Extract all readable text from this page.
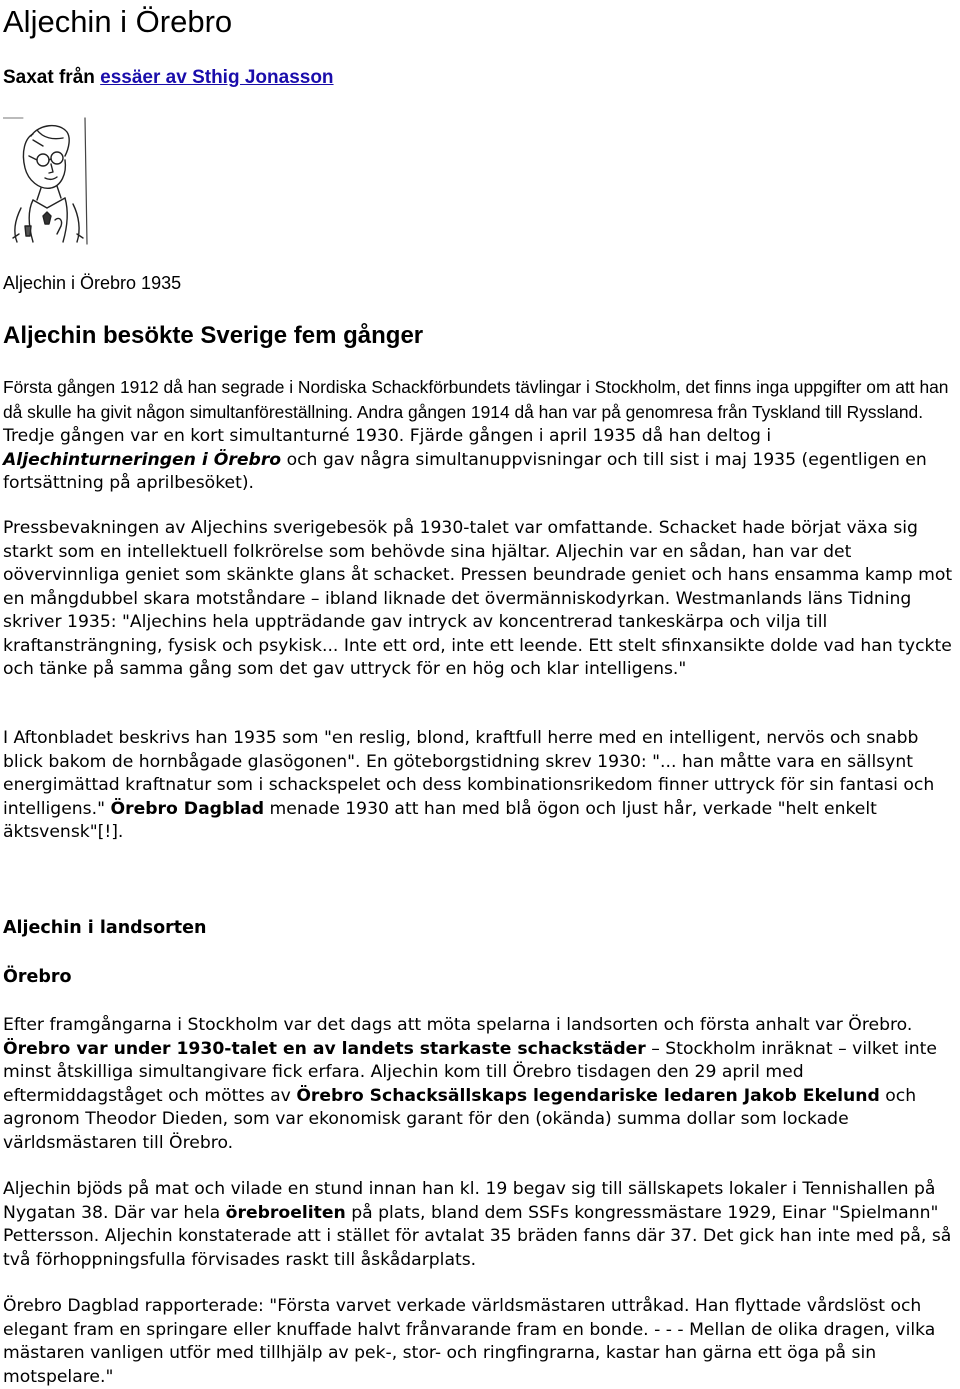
Aljechin i Örebro
Saxat från essäer av Sthig Jonasson
Aljechin i Örebro 1935
Aljechin besökte Sverige fem gånger

Första gången 1912 då han segrade i Nordiska Schackförbundets tävlingar i Stockholm, det finns inga uppgifter om att han då skulle ha givit någon simultanföreställning. Andra gången 1914 då han var på genomresa från Tyskland till Ryssland. Tredje gången var en kort simultanturné 1930. Fjärde gången i april 1935 då han deltog i Aljechinturneringen i Örebro och gav några simultanuppvisningar och till sist i maj 1935 (egentligen en fortsättning på aprilbesöket).

Pressbevakningen av Aljechins sverigebesök på 1930-talet var omfattande. Schacket hade börjat växa sig starkt som en intellektuell folkrörelse som behövde sina hjältar. Aljechin var en sådan, han var det oövervinnliga geniet som skänkte glans åt schacket. Pressen beundrade geniet och hans ensamma kamp mot en mångdubbel skara motståndare – ibland liknade det övermänniskodyrkan. Westmanlands läns Tidning skriver 1935: "Aljechins hela uppträdande gav intryck av koncentrerad tankeskärpa och vilja till kraftansträngning, fysisk och psykisk... Inte ett ord, inte ett leende. Ett stelt sfinxansikte dolde vad han tyckte och tänke på samma gång som det gav uttryck för en hög och klar intelligens."

I Aftonbladet beskrivs han 1935 som "en reslig, blond, kraftfull herre med en intelligent, nervös och snabb blick bakom de hornbågade glasögonen". En göteborgstidning skrev 1930: "... han måtte vara en sällsynt energimättad kraftnatur som i schackspelet och dess kombinationsrikedom finner uttryck för sin fantasi och intelligens." Örebro Dagblad menade 1930 att han med blå ögon och ljust hår, verkade "helt enkelt äktsvensk"[!].

Aljechin i landsorten
Örebro

Efter framgångarna i Stockholm var det dags att möta spelarna i landsorten och första anhalt var Örebro. Örebro var under 1930-talet en av landets starkaste schackstäder – Stockholm inräknat – vilket inte minst åtskilliga simultangivare fick erfara. Aljechin kom till Örebro tisdagen den 29 april med eftermiddagståget och möttes av Örebro Schacksällskaps legendariske ledaren Jakob Ekelund och agronom Theodor Dieden, som var ekonomisk garant för den (okända) summa dollar som lockade världsmästaren till Örebro.

Aljechin bjöds på mat och vilade en stund innan han kl. 19 begav sig till sällskapets lokaler i Tennishallen på Nygatan 38. Där var hela örebroeliten på plats, bland dem SSFs kongressmästare 1929, Einar "Spielmann" Pettersson. Aljechin konstaterade att i stället för avtalat 35 bräden fanns där 37. Det gick han inte med på, så två förhoppningsfulla förvisades raskt till åskådarplats.

Örebro Dagblad rapporterade: "Första varvet verkade världsmästaren uttråkad. Han flyttade vårdslöst och elegant fram en springare eller knuffade halvt frånvarande fram en bonde. - - - Mellan de olika dragen, vilka mästaren vanligen utför med tillhjälp av pek-, stor- och ringfingrarna, kastar han gärna ett öga på sin motspelare."
